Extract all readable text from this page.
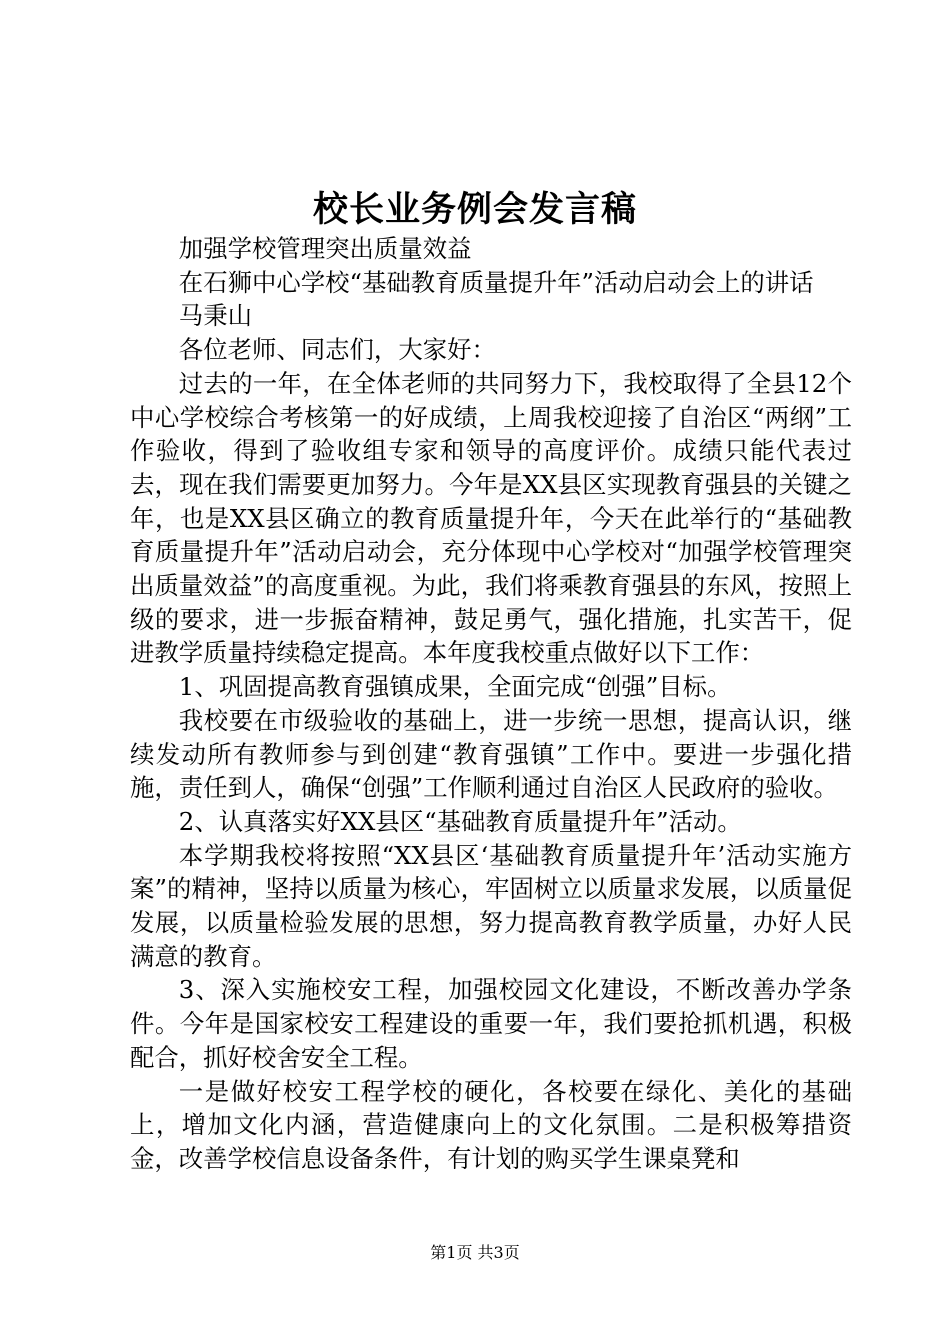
校长业务例会发言稿

加强学校管理突出质量效益

在石狮中心学校“基础教育质量提升年”活动启动会上的讲话

马秉山

各位老师、同志们，大家好：

过去的一年，在全体老师的共同努力下，我校取得了全县12个中心学校综合考核第一的好成绩，上周我校迎接了自治区“两纲”工作验收，得到了验收组专家和领导的高度评价。成绩只能代表过去，现在我们需要更加努力。今年是XX县区实现教育强县的关键之年，也是XX县区确立的教育质量提升年，今天在此举行的“基础教育质量提升年”活动启动会，充分体现中心学校对“加强学校管理突出质量效益”的高度重视。为此，我们将乘教育强县的东风，按照上级的要求，进一步振奋精神，鼓足勇气，强化措施，扎实苦干，促进教学质量持续稳定提高。本年度我校重点做好以下工作：

1、巩固提高教育强镇成果，全面完成“创强”目标。

我校要在市级验收的基础上，进一步统一思想，提高认识，继续发动所有教师参与到创建“教育强镇”工作中。要进一步强化措施，责任到人，确保“创强”工作顺利通过自治区人民政府的验收。

2、认真落实好XX县区“基础教育质量提升年”活动。

本学期我校将按照“XX县区‘基础教育质量提升年’活动实施方案”的精神，坚持以质量为核心，牢固树立以质量求发展，以质量促发展，以质量检验发展的思想，努力提高教育教学质量，办好人民满意的教育。

3、深入实施校安工程，加强校园文化建设，不断改善办学条件。今年是国家校安工程建设的重要一年，我们要抢抓机遇，积极配合，抓好校舍安全工程。

一是做好校安工程学校的硬化，各校要在绿化、美化的基础上，增加文化内涵，营造健康向上的文化氛围。二是积极筹措资金，改善学校信息设备条件，有计划的购买学生课桌凳和

第1页 共3页
